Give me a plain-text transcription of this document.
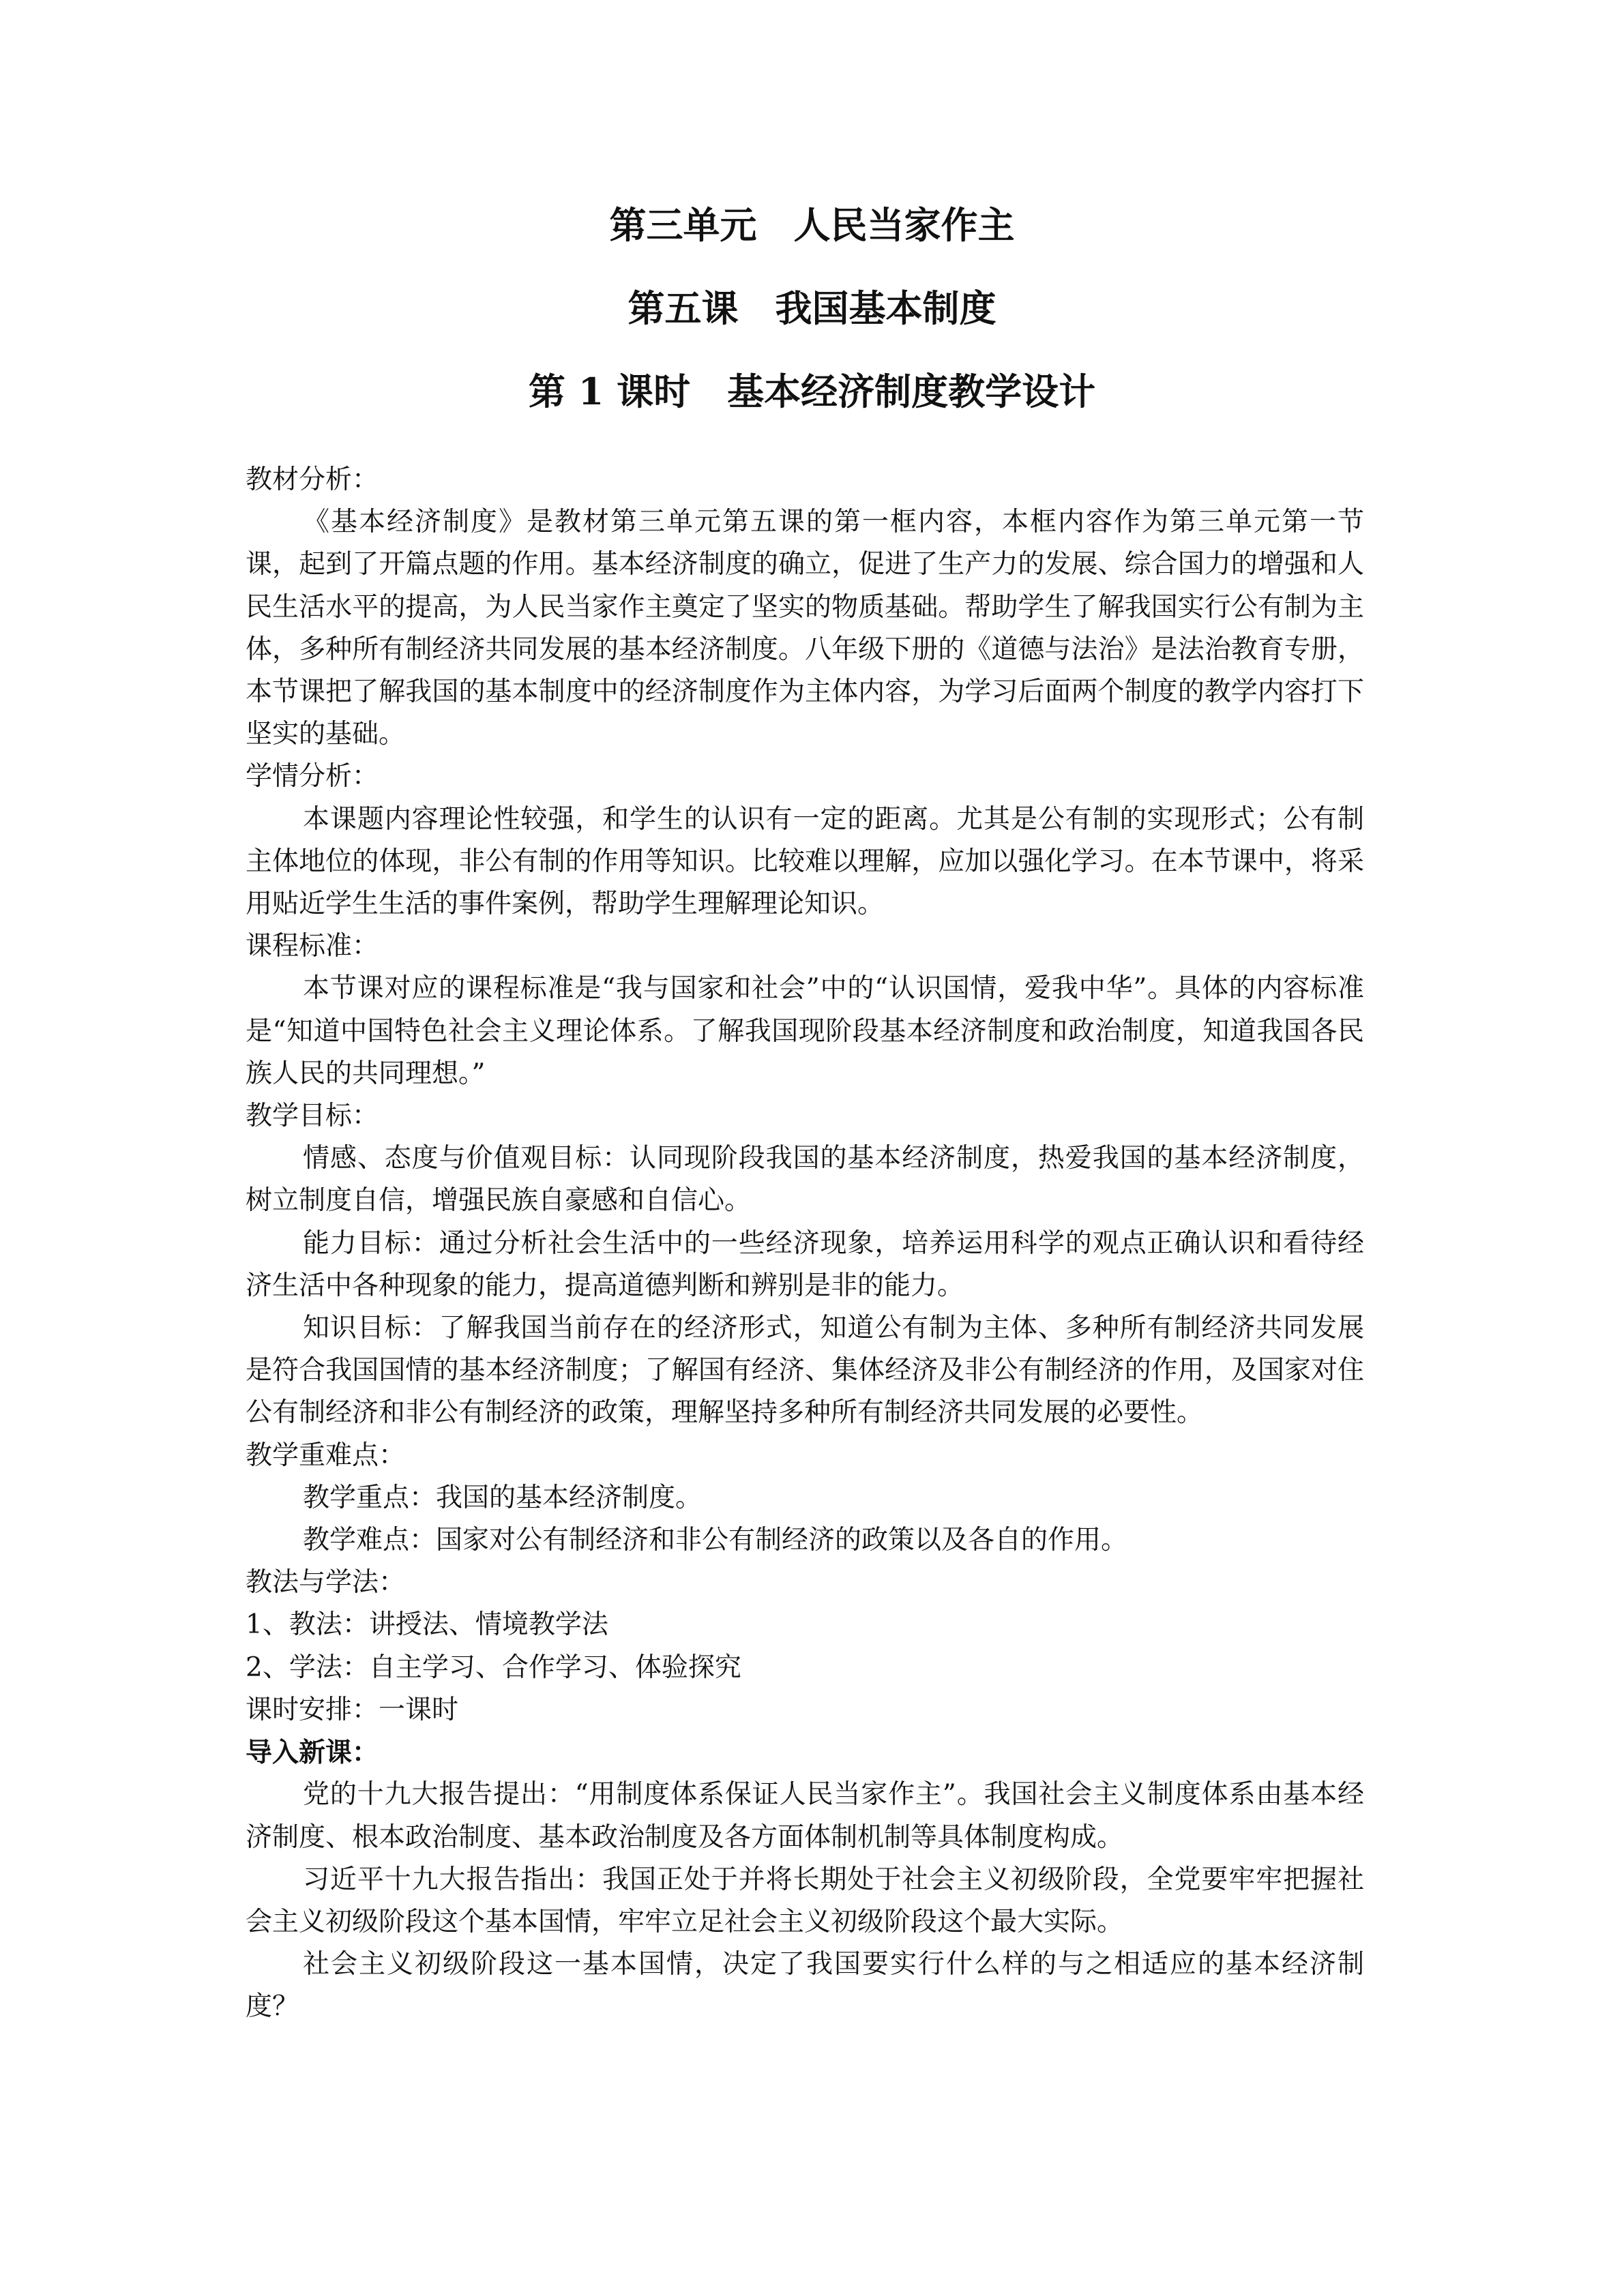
第三单元　人民当家作主

第五课　我国基本制度

第 1 课时　基本经济制度教学设计

教材分析：

《基本经济制度》是教材第三单元第五课的第一框内容，本框内容作为第三单元第一节课，起到了开篇点题的作用。基本经济制度的确立，促进了生产力的发展、综合国力的增强和人民生活水平的提高，为人民当家作主奠定了坚实的物质基础。帮助学生了解我国实行公有制为主体，多种所有制经济共同发展的基本经济制度。八年级下册的《道德与法治》是法治教育专册，本节课把了解我国的基本制度中的经济制度作为主体内容，为学习后面两个制度的教学内容打下坚实的基础。

学情分析：

本课题内容理论性较强，和学生的认识有一定的距离。尤其是公有制的实现形式；公有制主体地位的体现，非公有制的作用等知识。比较难以理解，应加以强化学习。在本节课中，将采用贴近学生生活的事件案例，帮助学生理解理论知识。

课程标准：

本节课对应的课程标准是“我与国家和社会”中的“认识国情，爱我中华”。具体的内容标准是“知道中国特色社会主义理论体系。了解我国现阶段基本经济制度和政治制度，知道我国各民族人民的共同理想。”

教学目标：

情感、态度与价值观目标：认同现阶段我国的基本经济制度，热爱我国的基本经济制度，树立制度自信，增强民族自豪感和自信心。

能力目标：通过分析社会生活中的一些经济现象，培养运用科学的观点正确认识和看待经济生活中各种现象的能力，提高道德判断和辨别是非的能力。

知识目标：了解我国当前存在的经济形式，知道公有制为主体、多种所有制经济共同发展是符合我国国情的基本经济制度；了解国有经济、集体经济及非公有制经济的作用，及国家对住公有制经济和非公有制经济的政策，理解坚持多种所有制经济共同发展的必要性。

教学重难点：

教学重点：我国的基本经济制度。

教学难点：国家对公有制经济和非公有制经济的政策以及各自的作用。

教法与学法：

1、教法：讲授法、情境教学法

2、学法：自主学习、合作学习、体验探究

课时安排：一课时

导入新课：

党的十九大报告提出：“用制度体系保证人民当家作主”。我国社会主义制度体系由基本经济制度、根本政治制度、基本政治制度及各方面体制机制等具体制度构成。

习近平十九大报告指出：我国正处于并将长期处于社会主义初级阶段，全党要牢牢把握社会主义初级阶段这个基本国情，牢牢立足社会主义初级阶段这个最大实际。

社会主义初级阶段这一基本国情，决定了我国要实行什么样的与之相适应的基本经济制度？
